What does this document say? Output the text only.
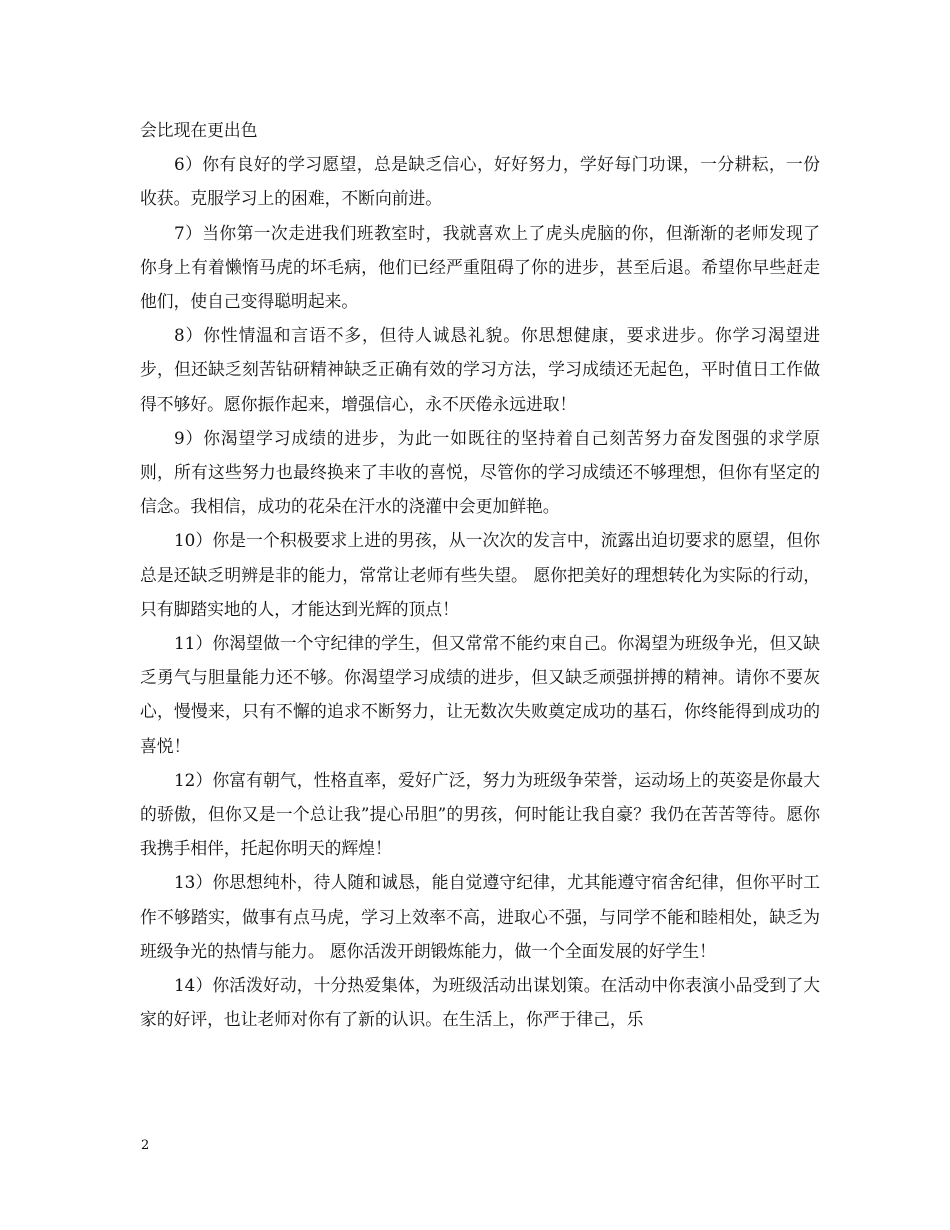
会比现在更出色

6）你有良好的学习愿望，总是缺乏信心，好好努力，学好每门功课，一分耕耘，一份收获。克服学习上的困难，不断向前进。

7）当你第一次走进我们班教室时，我就喜欢上了虎头虎脑的你，但渐渐的老师发现了你身上有着懒惰马虎的坏毛病，他们已经严重阻碍了你的进步，甚至后退。希望你早些赶走他们，使自己变得聪明起来。

8）你性情温和言语不多，但待人诚恳礼貌。你思想健康，要求进步。你学习渴望进步，但还缺乏刻苦钻研精神缺乏正确有效的学习方法，学习成绩还无起色，平时值日工作做得不够好。愿你振作起来，增强信心，永不厌倦永远进取！

9）你渴望学习成绩的进步，为此一如既往的坚持着自己刻苦努力奋发图强的求学原则，所有这些努力也最终换来了丰收的喜悦，尽管你的学习成绩还不够理想，但你有坚定的信念。我相信，成功的花朵在汗水的浇灌中会更加鲜艳。

10）你是一个积极要求上进的男孩，从一次次的发言中，流露出迫切要求的愿望，但你总是还缺乏明辨是非的能力，常常让老师有些失望。 愿你把美好的理想转化为实际的行动，只有脚踏实地的人，才能达到光辉的顶点！

11）你渴望做一个守纪律的学生，但又常常不能约束自己。你渴望为班级争光，但又缺乏勇气与胆量能力还不够。你渴望学习成绩的进步，但又缺乏顽强拼搏的精神。请你不要灰心，慢慢来，只有不懈的追求不断努力，让无数次失败奠定成功的基石，你终能得到成功的喜悦！

12）你富有朝气，性格直率，爱好广泛，努力为班级争荣誉，运动场上的英姿是你最大的骄傲，但你又是一个总让我”提心吊胆”的男孩，何时能让我自豪？我仍在苦苦等待。愿你我携手相伴，托起你明天的辉煌！

13）你思想纯朴，待人随和诚恳，能自觉遵守纪律，尤其能遵守宿舍纪律，但你平时工作不够踏实，做事有点马虎，学习上效率不高，进取心不强，与同学不能和睦相处，缺乏为班级争光的热情与能力。 愿你活泼开朗锻炼能力，做一个全面发展的好学生！

14）你活泼好动，十分热爱集体，为班级活动出谋划策。在活动中你表演小品受到了大家的好评，也让老师对你有了新的认识。在生活上，你严于律己，乐

2
